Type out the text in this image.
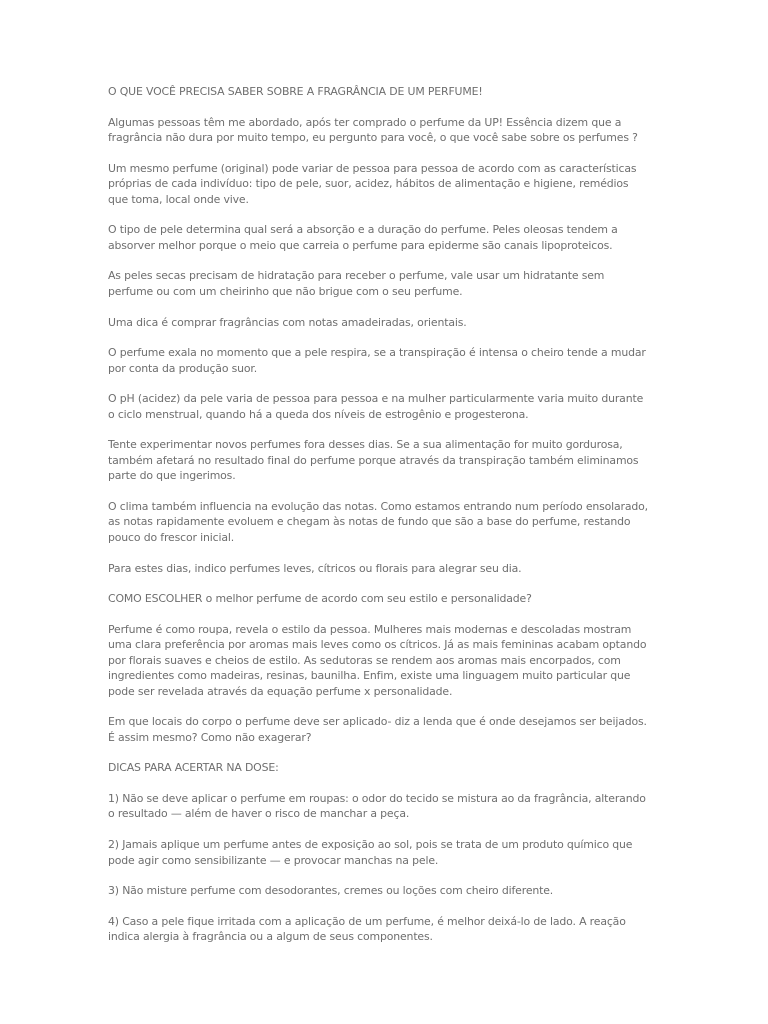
O QUE VOCÊ PRECISA SABER SOBRE A FRAGRÂNCIA DE UM PERFUME!

Algumas pessoas têm me abordado, após ter comprado o perfume da UP! Essência dizem que a fragrância não dura por muito tempo, eu pergunto para você, o que você sabe sobre os perfumes ?

Um mesmo perfume (original) pode variar de pessoa para pessoa de acordo com as características próprias de cada indivíduo: tipo de pele, suor, acidez, hábitos de alimentação e higiene, remédios que toma, local onde vive.

O tipo de pele determina qual será a absorção e a duração do perfume. Peles oleosas tendem a absorver melhor porque o meio que carreia o perfume para epiderme são canais lipoproteicos.

As peles secas precisam de hidratação para receber o perfume, vale usar um hidratante sem perfume ou com um cheirinho que não brigue com o seu perfume.

Uma dica é comprar fragrâncias com notas amadeiradas, orientais.

O perfume exala no momento que a pele respira, se a transpiração é intensa o cheiro tende a mudar por conta da produção suor.

O pH (acidez) da pele varia de pessoa para pessoa e na mulher particularmente varia muito durante o ciclo menstrual, quando há a queda dos níveis de estrogênio e progesterona.

Tente experimentar novos perfumes fora desses dias. Se a sua alimentação for muito gordurosa, também afetará no resultado final do perfume porque através da transpiração também eliminamos parte do que ingerimos.

O clima também influencia na evolução das notas. Como estamos entrando num período ensolarado, as notas rapidamente evoluem e chegam às notas de fundo que são a base do perfume, restando pouco do frescor inicial.

Para estes dias, indico perfumes leves, cítricos ou florais para alegrar seu dia.

COMO ESCOLHER o melhor perfume de acordo com seu estilo e personalidade?

Perfume é como roupa, revela o estilo da pessoa. Mulheres mais modernas e descoladas mostram uma clara preferência por aromas mais leves como os cítricos. Já as mais femininas acabam optando por florais suaves e cheios de estilo. As sedutoras se rendem aos aromas mais encorpados, com ingredientes como madeiras, resinas, baunilha. Enfim, existe uma linguagem muito particular que pode ser revelada através da equação perfume x personalidade.

Em que locais do corpo o perfume deve ser aplicado- diz a lenda que é onde desejamos ser beijados. É assim mesmo? Como não exagerar?

DICAS PARA ACERTAR NA DOSE:

1) Não se deve aplicar o perfume em roupas: o odor do tecido se mistura ao da fragrância, alterando o resultado — além de haver o risco de manchar a peça.

2) Jamais aplique um perfume antes de exposição ao sol, pois se trata de um produto químico que pode agir como sensibilizante — e provocar manchas na pele.

3) Não misture perfume com desodorantes, cremes ou loções com cheiro diferente.

4) Caso a pele fique irritada com a aplicação de um perfume, é melhor deixá-lo de lado. A reação indica alergia à fragrância ou a algum de seus componentes.
